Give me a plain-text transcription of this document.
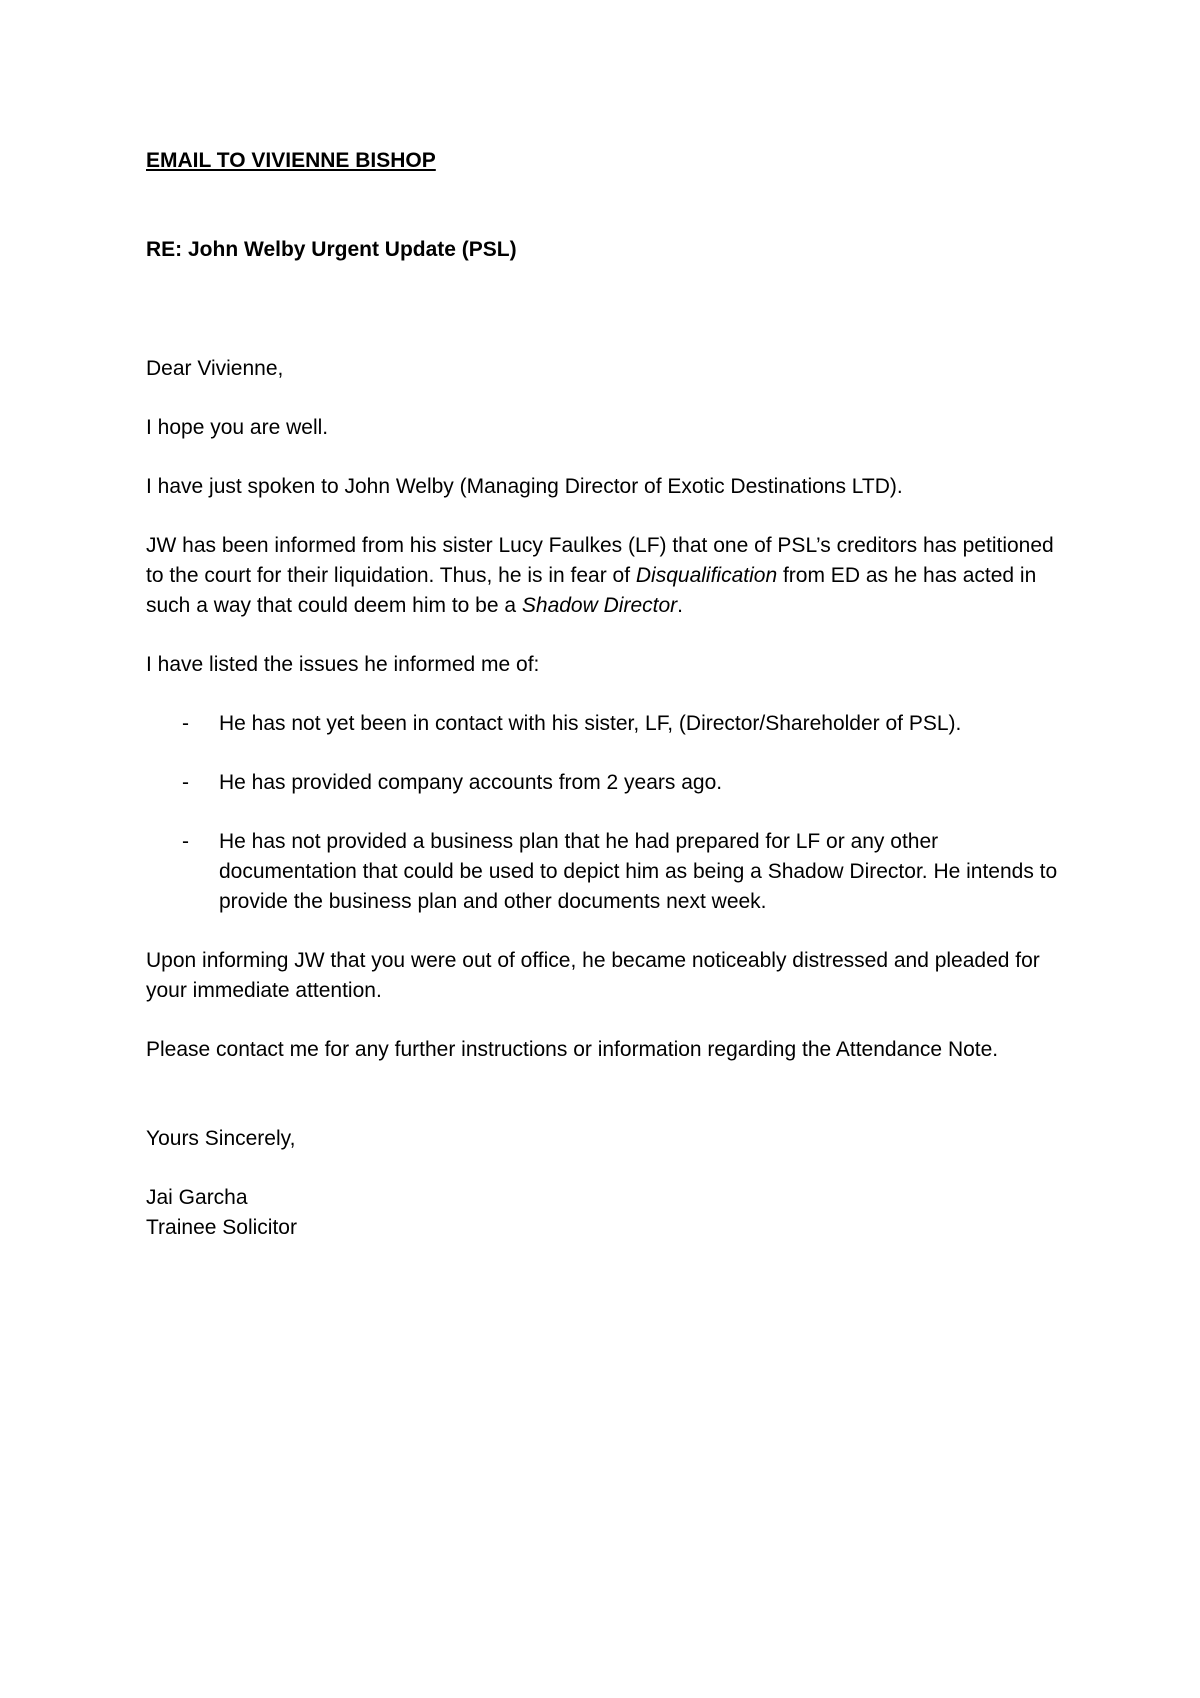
EMAIL TO VIVIENNE BISHOP
RE: John Welby Urgent Update (PSL)
Dear Vivienne,

I hope you are well.

I have just spoken to John Welby (Managing Director of Exotic Destinations LTD).

JW has been informed from his sister Lucy Faulkes (LF) that one of PSL’s creditors has petitioned to the court for their liquidation. Thus, he is in fear of Disqualification from ED as he has acted in such a way that could deem him to be a Shadow Director.

I have listed the issues he informed me of:

- He has not yet been in contact with his sister, LF, (Director/Shareholder of PSL).
- He has provided company accounts from 2 years ago.
- He has not provided a business plan that he had prepared for LF or any other documentation that could be used to depict him as being a Shadow Director. He intends to provide the business plan and other documents next week.

Upon informing JW that you were out of office, he became noticeably distressed and pleaded for your immediate attention.

Please contact me for any further instructions or information regarding the Attendance Note.

Yours Sincerely,
Jai Garcha
Trainee Solicitor
